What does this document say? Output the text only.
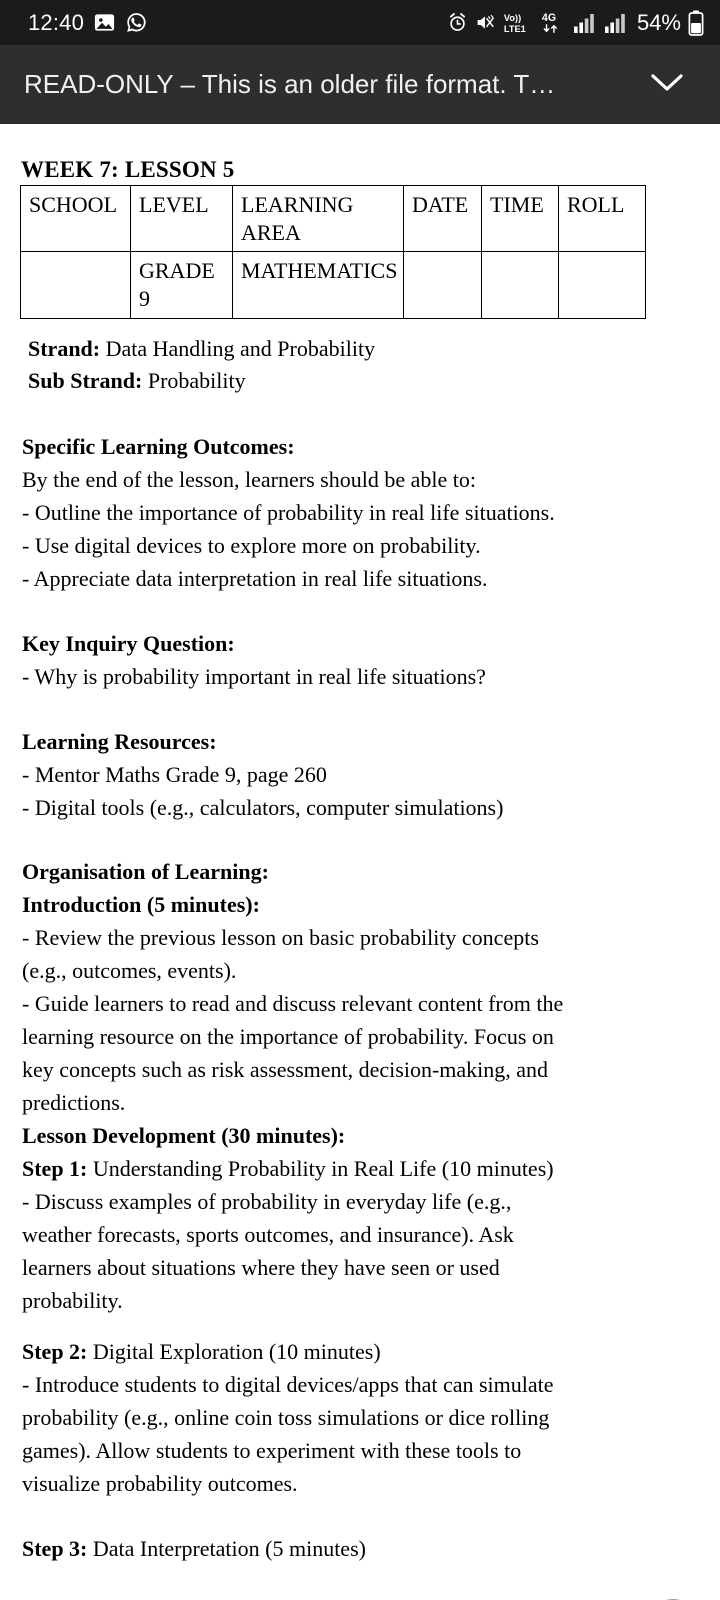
12:40	Vo))
LTE1
4G	54%
READ-ONLY – This is an older file format. T…
WEEK 7: LESSON 5
SCHOOL	LEVEL	LEARNING AREA	DATE	TIME	ROLL
	GRADE 9	MATHEMATICS			
Strand: Data Handling and Probability
Sub Strand: Probability

Specific Learning Outcomes:

By the end of the lesson, learners should be able to:

- Outline the importance of probability in real life situations.

- Use digital devices to explore more on probability.

- Appreciate data interpretation in real life situations.

Key Inquiry Question:

- Why is probability important in real life situations?

Learning Resources:

- Mentor Maths Grade 9, page 260

- Digital tools (e.g., calculators, computer simulations)

Organisation of Learning:

Introduction (5 minutes):

- Review the previous lesson on basic probability concepts

(e.g., outcomes, events).

- Guide learners to read and discuss relevant content from the

learning resource on the importance of probability. Focus on

key concepts such as risk assessment, decision-making, and

predictions.

Lesson Development (30 minutes):

Step 1: Understanding Probability in Real Life (10 minutes)

- Discuss examples of probability in everyday life (e.g.,

weather forecasts, sports outcomes, and insurance). Ask

learners about situations where they have seen or used

probability.

Step 2: Digital Exploration (10 minutes)

- Introduce students to digital devices/apps that can simulate

probability (e.g., online coin toss simulations or dice rolling

games). Allow students to experiment with these tools to

visualize probability outcomes.

Step 3: Data Interpretation (5 minutes)
